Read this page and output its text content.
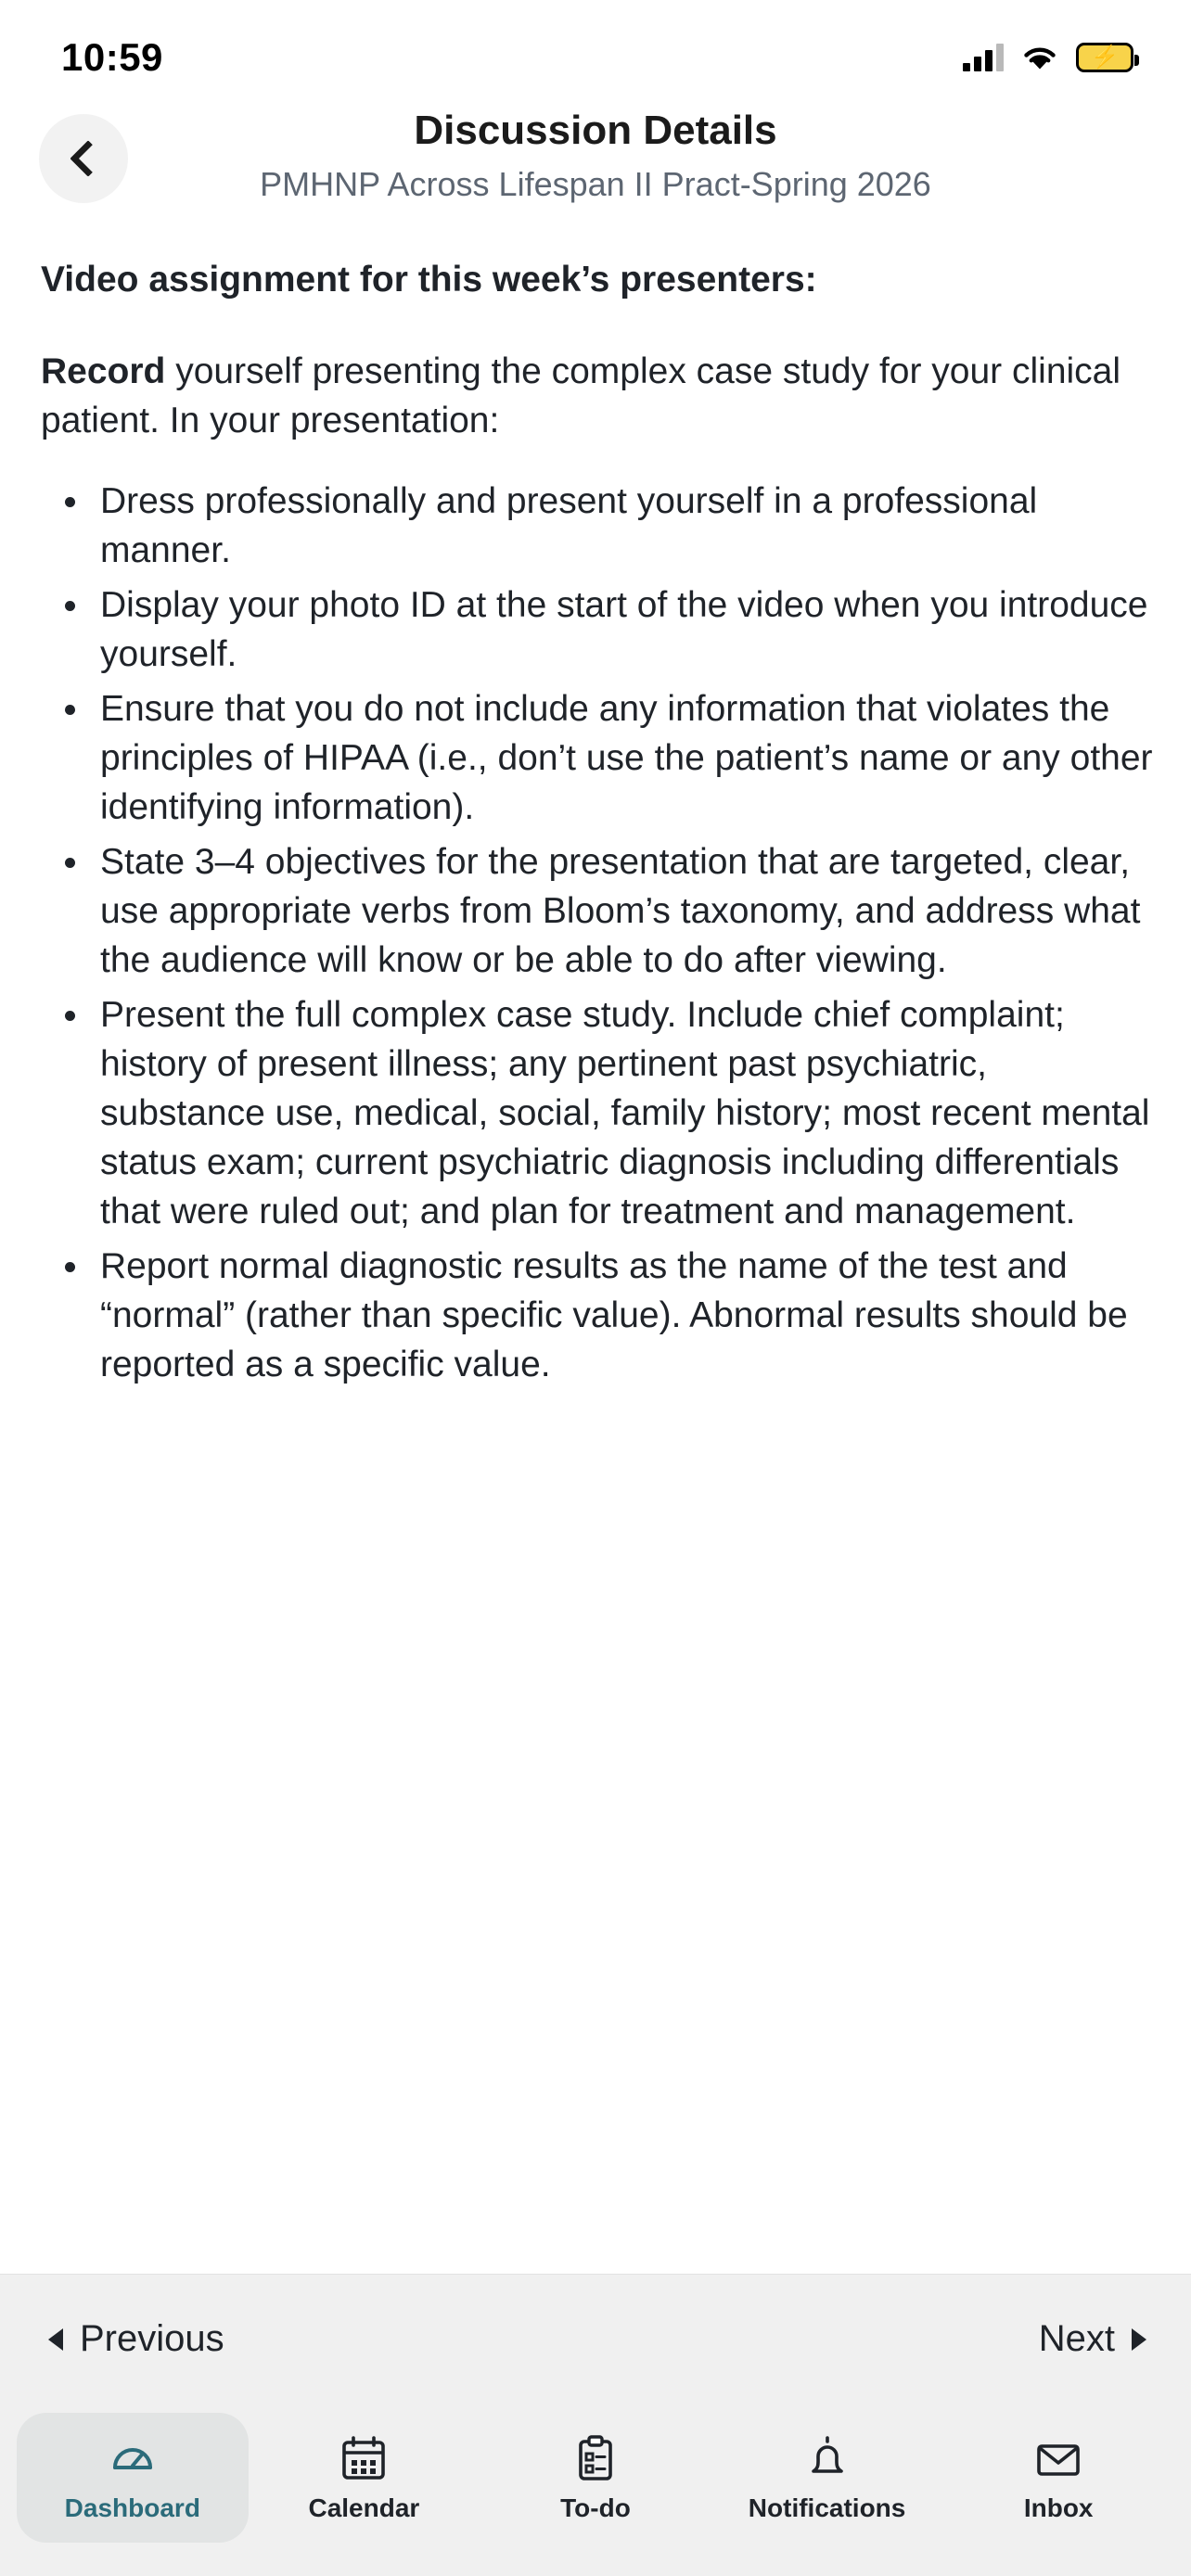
10:59	⚡
Discussion Details
PMHNP Across Lifespan II Pract-Spring 2026

Video assignment for this week’s presenters:

Record yourself presenting the complex case study for your clinical patient. In your presentation:

Dress professionally and present yourself in a professional manner.
Display your photo ID at the start of the video when you introduce yourself.
Ensure that you do not include any information that violates the principles of HIPAA (i.e., don’t use the patient’s name or any other identifying information).
State 3–4 objectives for the presentation that are targeted, clear, use appropriate verbs from Bloom’s taxonomy, and address what the audience will know or be able to do after viewing.
Present the full complex case study. Include chief complaint; history of present illness; any pertinent past psychiatric, substance use, medical, social, family history; most recent mental status exam; current psychiatric diagnosis including differentials that were ruled out; and plan for treatment and management.
Report normal diagnostic results as the name of the test and “normal” (rather than specific value). Abnormal results should be reported as a specific value.
Previous	Next
Dashboard	Calendar	To-do	Notifications	Inbox
